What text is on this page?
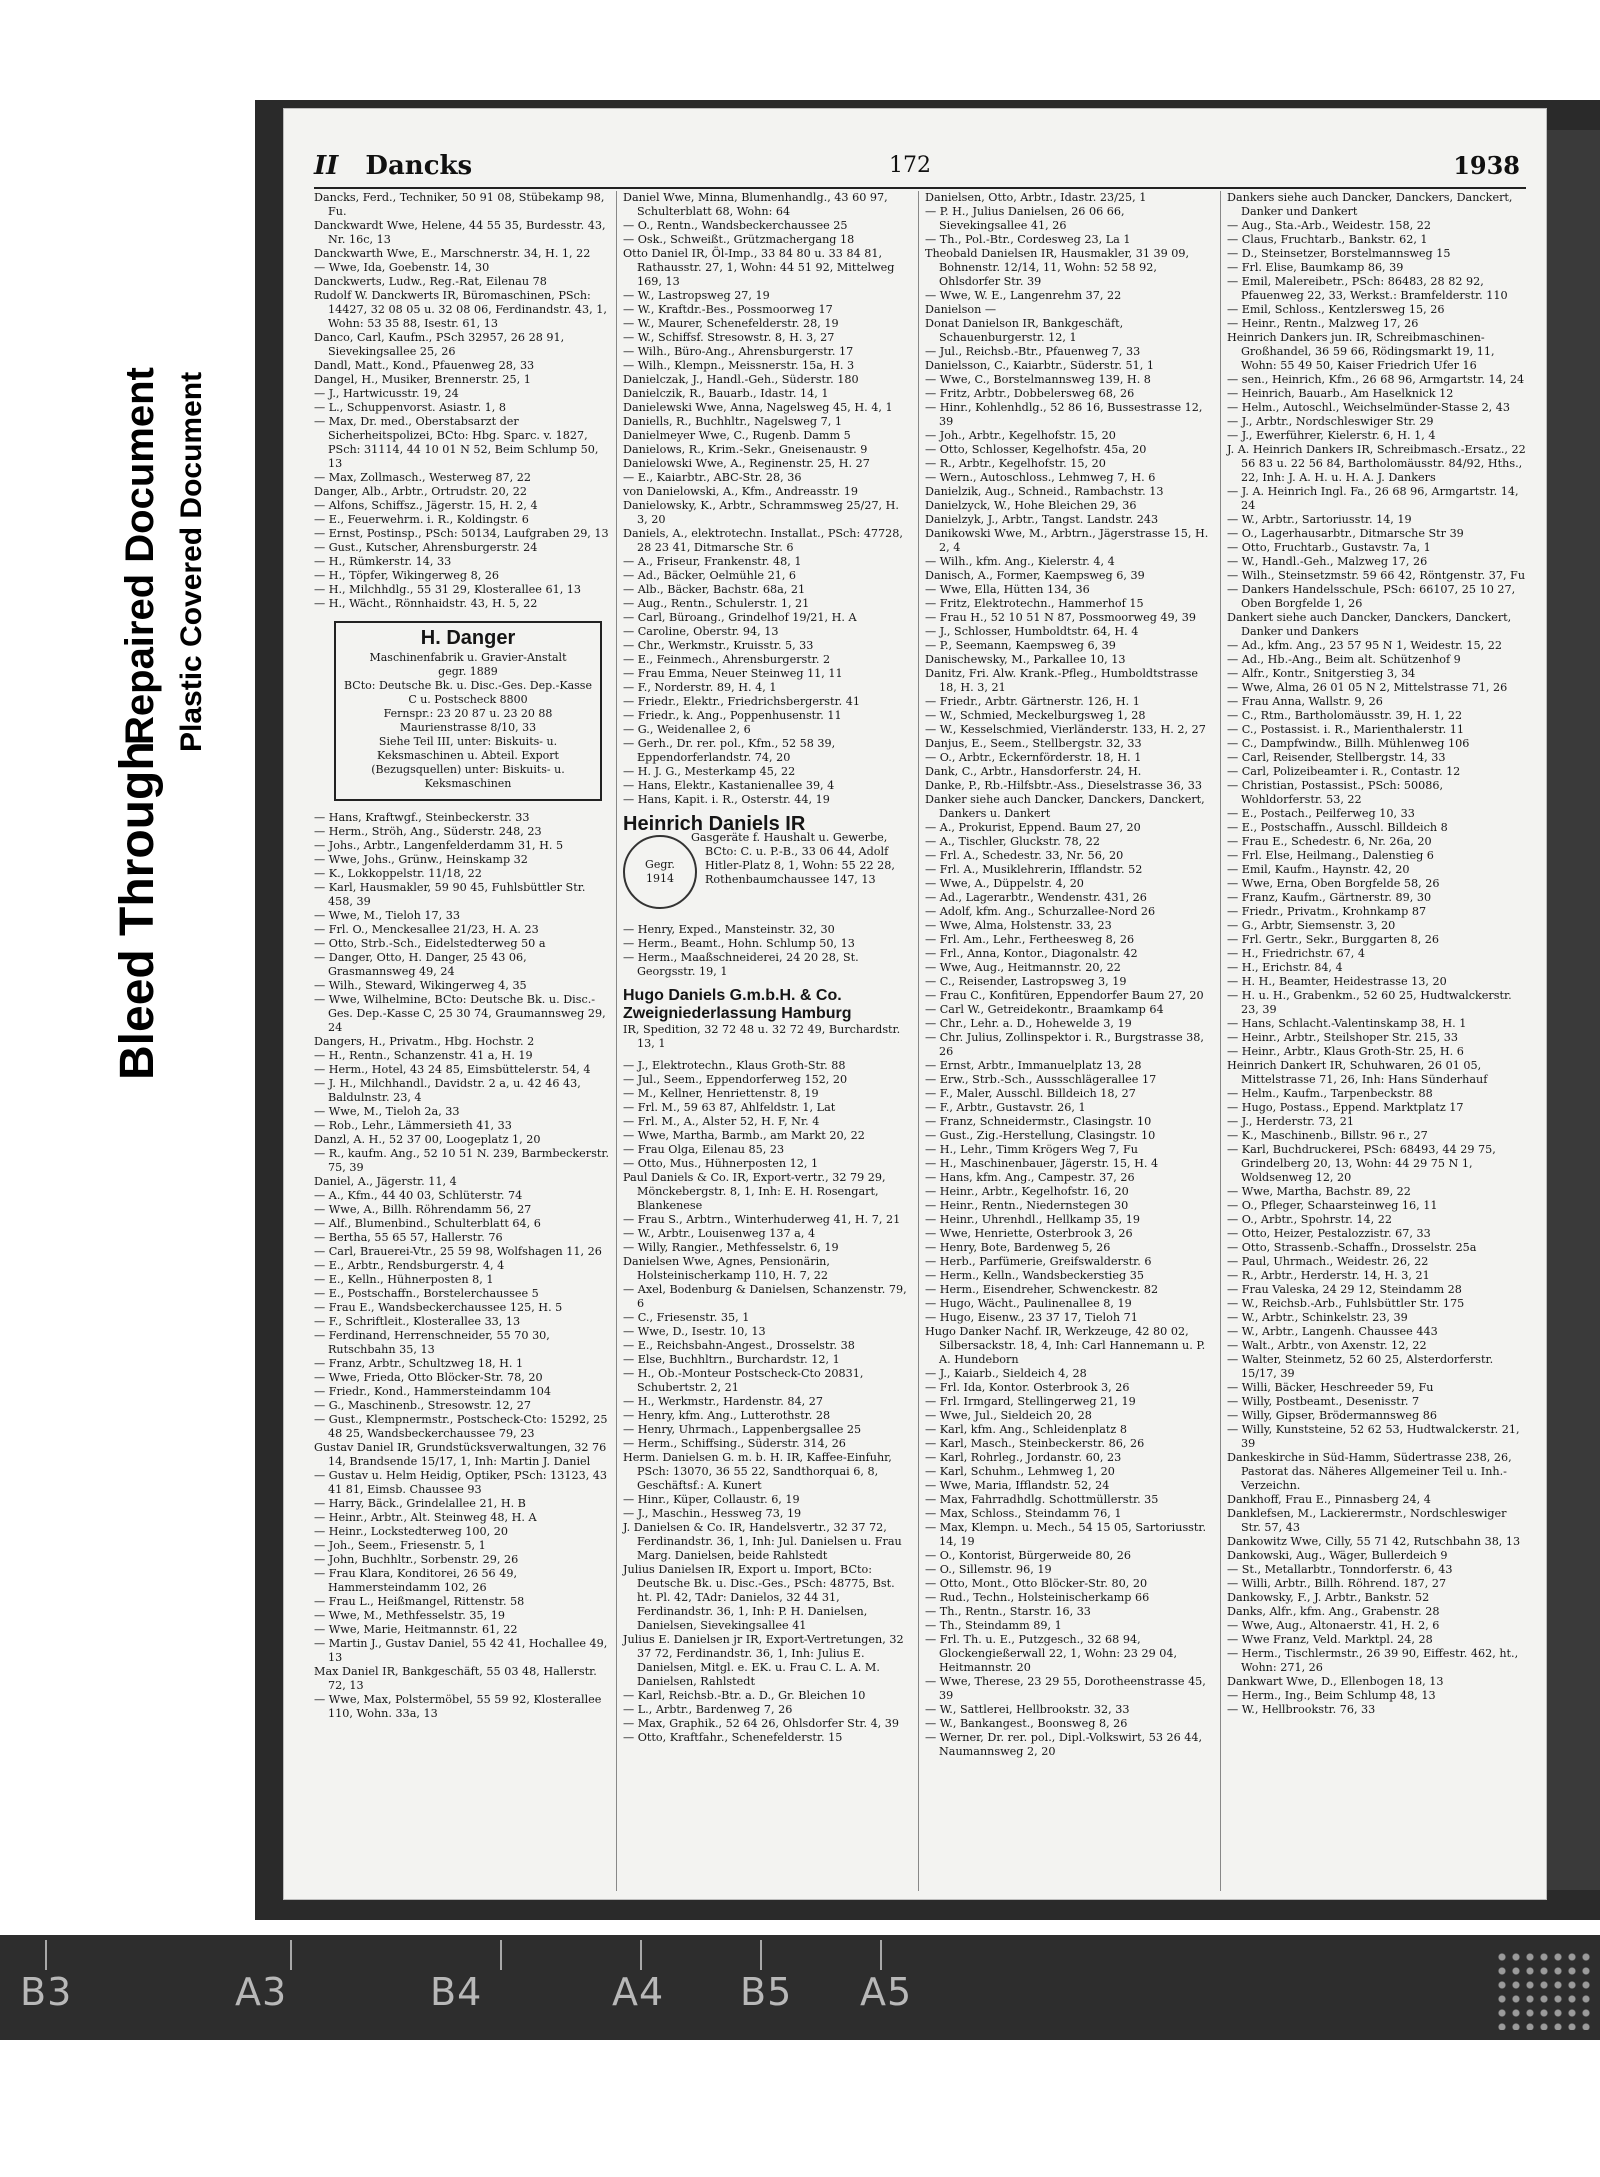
II Dancks	172	1938

Dancks, Ferd., Techniker, 50 91 08, Stübekamp 98, Fu.

Danckwardt Wwe, Helene, 44 55 35, Burdesstr. 43, Nr. 16c, 13

Danckwarth Wwe, E., Marschnerstr. 34, H. 1, 22

— Wwe, Ida, Goebenstr. 14, 30

Danckwerts, Ludw., Reg.-Rat, Eilenau 78

Rudolf W. Danckwerts IR, Büromaschinen, PSch: 14427, 32 08 05 u. 32 08 06, Ferdinandstr. 43, 1, Wohn: 53 35 88, Isestr. 61, 13

Danco, Carl, Kaufm., PSch 32957, 26 28 91, Sievekingsallee 25, 26

Dandl, Matt., Kond., Pfauenweg 28, 33

Dangel, H., Musiker, Brennerstr. 25, 1

— J., Hartwicusstr. 19, 24

— L., Schuppenvorst. Asiastr. 1, 8

— Max, Dr. med., Oberstabsarzt der Sicherheitspolizei, BCto: Hbg. Sparc. v. 1827, PSch: 31114, 44 10 01 N 52, Beim Schlump 50, 13

— Max, Zollmasch., Westerweg 87, 22

Danger, Alb., Arbtr., Ortrudstr. 20, 22

— Alfons, Schiffsz., Jägerstr. 15, H. 2, 4

— E., Feuerwehrm. i. R., Koldingstr. 6

— Ernst, Postinsp., PSch: 50134, Laufgraben 29, 13

— Gust., Kutscher, Ahrensburgerstr. 24

— H., Rümkerstr. 14, 33

— H., Töpfer, Wikingerweg 8, 26

— H., Milchhdlg., 55 31 29, Klosterallee 61, 13

— H., Wächt., Rönnhaidstr. 43, H. 5, 22

H. Danger
Maschinenfabrik u. Gravier-Anstalt
gegr. 1889
BCto: Deutsche Bk. u. Disc.-Ges. Dep.-Kasse C u. Postscheck 8800
Fernspr.: 23 20 87 u. 23 20 88
Maurienstrasse 8/10, 33
Siehe Teil III, unter: Biskuits- u. Keksmaschinen u. Abteil. Export (Bezugsquellen) unter: Biskuits- u. Keksmaschinen

— Hans, Kraftwgf., Steinbeckerstr. 33

— Herm., Ströh, Ang., Süderstr. 248, 23

— Johs., Arbtr., Langenfelderdamm 31, H. 5

— Wwe, Johs., Grünw., Heinskamp 32

— K., Lokkoppelstr. 11/18, 22

— Karl, Hausmakler, 59 90 45, Fuhlsbüttler Str. 458, 39

— Wwe, M., Tieloh 17, 33

— Frl. O., Menckesallee 21/23, H. A. 23

— Otto, Strb.-Sch., Eidelstedterweg 50 a

— Danger, Otto, H. Danger, 25 43 06, Grasmannsweg 49, 24

— Wilh., Steward, Wikingerweg 4, 35

— Wwe, Wilhelmine, BCto: Deutsche Bk. u. Disc.-Ges. Dep.-Kasse C, 25 30 74, Graumannsweg 29, 24

Dangers, H., Privatm., Hbg. Hochstr. 2

— H., Rentn., Schanzenstr. 41 a, H. 19

— Herm., Hotel, 43 24 85, Eimsbüttelerstr. 54, 4

— J. H., Milchhandl., Davidstr. 2 a, u. 42 46 43, Baldulnstr. 23, 4

— Wwe, M., Tieloh 2a, 33

— Rob., Lehr., Lämmersieth 41, 33

Danzl, A. H., 52 37 00, Loogeplatz 1, 20

— R., kaufm. Ang., 52 10 51 N. 239, Barmbeckerstr. 75, 39

Daniel, A., Jägerstr. 11, 4

— A., Kfm., 44 40 03, Schlüterstr. 74

— Wwe, A., Billh. Röhrendamm 56, 27

— Alf., Blumenbind., Schulterblatt 64, 6

— Bertha, 55 65 57, Hallerstr. 76

— Carl, Brauerei-Vtr., 25 59 98, Wolfshagen 11, 26

— E., Arbtr., Rendsburgerstr. 4, 4

— E., Kelln., Hühnerposten 8, 1

— E., Postschaffn., Borstelerchaussee 5

— Frau E., Wandsbeckerchaussee 125, H. 5

— F., Schriftleit., Klosterallee 33, 13

— Ferdinand, Herrenschneider, 55 70 30, Rutschbahn 35, 13

— Franz, Arbtr., Schultzweg 18, H. 1

— Wwe, Frieda, Otto Blöcker-Str. 78, 20

— Friedr., Kond., Hammersteindamm 104

— G., Maschinenb., Stresowstr. 12, 27

— Gust., Klempnermstr., Postscheck-Cto: 15292, 25 48 25, Wandsbeckerchaussee 79, 23

Gustav Daniel IR, Grundstücksverwaltungen, 32 76 14, Brandsende 15/17, 1, Inh: Martin J. Daniel

— Gustav u. Helm Heidig, Optiker, PSch: 13123, 43 41 81, Eimsb. Chaussee 93

— Harry, Bäck., Grindelallee 21, H. B

— Heinr., Arbtr., Alt. Steinweg 48, H. A

— Heinr., Lockstedterweg 100, 20

— Joh., Seem., Friesenstr. 5, 1

— John, Buchhltr., Sorbenstr. 29, 26

— Frau Klara, Konditorei, 26 56 49, Hammersteindamm 102, 26

— Frau L., Heißmangel, Rittenstr. 58

— Wwe, M., Methfesselstr. 35, 19

— Wwe, Marie, Heitmannstr. 61, 22

— Martin J., Gustav Daniel, 55 42 41, Hochallee 49, 13

Max Daniel IR, Bankgeschäft, 55 03 48, Hallerstr. 72, 13

— Wwe, Max, Polstermöbel, 55 59 92, Klosterallee 110, Wohn. 33a, 13

Daniel Wwe, Minna, Blumenhandlg., 43 60 97, Schulterblatt 68, Wohn: 64

— O., Rentn., Wandsbeckerchaussee 25

— Osk., Schweißt., Grützmachergang 18

Otto Daniel IR, Öl-Imp., 33 84 80 u. 33 84 81, Rathausstr. 27, 1, Wohn: 44 51 92, Mittelweg 169, 13

— W., Lastropsweg 27, 19

— W., Kraftdr.-Bes., Possmoorweg 17

— W., Maurer, Schenefelderstr. 28, 19

— W., Schiffsf. Stresowstr. 8, H. 3, 27

— Wilh., Büro-Ang., Ahrensburgerstr. 17

— Wilh., Klempn., Meissnerstr. 15a, H. 3

Danielczak, J., Handl.-Geh., Süderstr. 180

Danielczik, R., Bauarb., Idastr. 14, 1

Danielewski Wwe, Anna, Nagelsweg 45, H. 4, 1

Daniells, R., Buchhltr., Nagelsweg 7, 1

Danielmeyer Wwe, C., Rugenb. Damm 5

Danielows, R., Krim.-Sekr., Gneisenaustr. 9

Danielowski Wwe, A., Reginenstr. 25, H. 27

— E., Kaiarbtr., ABC-Str. 28, 36

von Danielowski, A., Kfm., Andreasstr. 19

Danielowsky, K., Arbtr., Schrammsweg 25/27, H. 3, 20

Daniels, A., elektrotechn. Installat., PSch: 47728, 28 23 41, Ditmarsche Str. 6

— A., Friseur, Frankenstr. 48, 1

— Ad., Bäcker, Oelmühle 21, 6

— Alb., Bäcker, Bachstr. 68a, 21

— Aug., Rentn., Schulerstr. 1, 21

— Carl, Büroang., Grindelhof 19/21, H. A

— Caroline, Oberstr. 94, 13

— Chr., Werkmstr., Kruisstr. 5, 33

— E., Feinmech., Ahrensburgerstr. 2

— Frau Emma, Neuer Steinweg 11, 11

— F., Norderstr. 89, H. 4, 1

— Friedr., Elektr., Friedrichsbergerstr. 41

— Friedr., k. Ang., Poppenhusenstr. 11

— G., Weidenallee 2, 6

— Gerh., Dr. rer. pol., Kfm., 52 58 39, Eppendorferlandstr. 74, 20

— H. J. G., Mesterkamp 45, 22

— Hans, Elektr., Kastanienallee 39, 4

— Hans, Kapit. i. R., Osterstr. 44, 19

Heinrich Daniels IR
Gegr.
1914
Gasgeräte f. Haushalt u. Gewerbe, BCto: C. u. P.-B., 33 06 44, Adolf Hitler-Platz 8, 1, Wohn: 55 22 28, Rothenbaumchaussee 147, 13

— Henry, Exped., Mansteinstr. 32, 30

— Herm., Beamt., Hohn. Schlump 50, 13

— Herm., Maaßschneiderei, 24 20 28, St. Georgsstr. 19, 1

Hugo Daniels G.m.b.H. & Co. Zweigniederlassung Hamburg
IR, Spedition, 32 72 48 u. 32 72 49, Burchardstr. 13, 1

— J., Elektrotechn., Klaus Groth-Str. 88

— Jul., Seem., Eppendorferweg 152, 20

— M., Kellner, Henriettenstr. 8, 19

— Frl. M., 59 63 87, Ahlfeldstr. 1, Lat

— Frl. M., A., Alster 52, H. F, Nr. 4

— Wwe, Martha, Barmb., am Markt 20, 22

— Frau Olga, Eilenau 85, 23

— Otto, Mus., Hühnerposten 12, 1

Paul Daniels & Co. IR, Export-vertr., 32 79 29, Mönckebergstr. 8, 1, Inh: E. H. Rosengart, Blankenese

— Frau S., Arbtrn., Winterhuderweg 41, H. 7, 21

— W., Arbtr., Louisenweg 137 a, 4

— Willy, Rangier., Methfesselstr. 6, 19

Danielsen Wwe, Agnes, Pensionärin, Holsteinischerkamp 110, H. 7, 22

— Axel, Bodenburg & Danielsen, Schanzenstr. 79, 6

— C., Friesenstr. 35, 1

— Wwe, D., Isestr. 10, 13

— E., Reichsbahn-Angest., Drosselstr. 38

— Else, Buchhltrn., Burchardstr. 12, 1

— H., Ob.-Monteur Postscheck-Cto 20831, Schubertstr. 2, 21

— H., Werkmstr., Hardenstr. 84, 27

— Henry, kfm. Ang., Lutterothstr. 28

— Henry, Uhrmach., Lappenbergsallee 25

— Herm., Schiffsing., Süderstr. 314, 26

Herm. Danielsen G. m. b. H. IR, Kaffee-Einfuhr, PSch: 13070, 36 55 22, Sandthorquai 6, 8, Geschäftsf.: A. Kunert

— Hinr., Küper, Collaustr. 6, 19

— J., Maschin., Hessweg 73, 19

J. Danielsen & Co. IR, Handelsvertr., 32 37 72, Ferdinandstr. 36, 1, Inh: Jul. Danielsen u. Frau Marg. Danielsen, beide Rahlstedt

Julius Danielsen IR, Export u. Import, BCto: Deutsche Bk. u. Disc.-Ges., PSch: 48775, Bst. ht. Pl. 42, TAdr: Danielos, 32 44 31, Ferdinandstr. 36, 1, Inh: P. H. Danielsen, Danielsen, Sievekingsallee 41

Julius E. Danielsen jr IR, Export-Vertretungen, 32 37 72, Ferdinandstr. 36, 1, Inh: Julius E. Danielsen, Mitgl. e. EK. u. Frau C. L. A. M. Danielsen, Rahlstedt

— Karl, Reichsb.-Btr. a. D., Gr. Bleichen 10

— L., Arbtr., Bardenweg 7, 26

— Max, Graphik., 52 64 26, Ohlsdorfer Str. 4, 39

— Otto, Kraftfahr., Schenefelderstr. 15

Danielsen, Otto, Arbtr., Idastr. 23/25, 1

— P. H., Julius Danielsen, 26 06 66, Sievekingsallee 41, 26

— Th., Pol.-Btr., Cordesweg 23, La 1

Theobald Danielsen IR, Hausmakler, 31 39 09, Bohnenstr. 12/14, 11, Wohn: 52 58 92, Ohlsdorfer Str. 39

— Wwe, W. E., Langenrehm 37, 22

Danielson —

Donat Danielson IR, Bankgeschäft, Schauenburgerstr. 12, 1

— Jul., Reichsb.-Btr., Pfauenweg 7, 33

Danielsson, C., Kaiarbtr., Süderstr. 51, 1

— Wwe, C., Borstelmannsweg 139, H. 8

— Fritz, Arbtr., Dobbelersweg 68, 26

— Hinr., Kohlenhdlg., 52 86 16, Bussestrasse 12, 39

— Joh., Arbtr., Kegelhofstr. 15, 20

— Otto, Schlosser, Kegelhofstr. 45a, 20

— R., Arbtr., Kegelhofstr. 15, 20

— Wern., Autoschloss., Lehmweg 7, H. 6

Danielzik, Aug., Schneid., Rambachstr. 13

Danielzyck, W., Hohe Bleichen 29, 36

Danielzyk, J., Arbtr., Tangst. Landstr. 243

Danikowski Wwe, M., Arbtrn., Jägerstrasse 15, H. 2, 4

— Wilh., kfm. Ang., Kielerstr. 4, 4

Danisch, A., Former, Kaempsweg 6, 39

— Wwe, Ella, Hütten 134, 36

— Fritz, Elektrotechn., Hammerhof 15

— Frau H., 52 10 51 N 87, Possmoorweg 49, 39

— J., Schlosser, Humboldtstr. 64, H. 4

— P., Seemann, Kaempsweg 6, 39

Danischewsky, M., Parkallee 10, 13

Danitz, Fri. Alw. Krank.-Pfleg., Humboldtstrasse 18, H. 3, 21

— Friedr., Arbtr. Gärtnerstr. 126, H. 1

— W., Schmied, Meckelburgsweg 1, 28

— W., Kesselschmied, Vierländerstr. 133, H. 2, 27

Danjus, E., Seem., Stellbergstr. 32, 33

— O., Arbtr., Eckernförderstr. 18, H. 1

Dank, C., Arbtr., Hansdorferstr. 24, H.

Danke, P., Rb.-Hilfsbtr.-Ass., Dieselstrasse 36, 33

Danker siehe auch Dancker, Danckers, Danckert, Dankers u. Dankert

— A., Prokurist, Eppend. Baum 27, 20

— A., Tischler, Gluckstr. 78, 22

— Frl. A., Schedestr. 33, Nr. 56, 20

— Frl. A., Musiklehrerin, Ifflandstr. 52

— Wwe, A., Düppelstr. 4, 20

— Ad., Lagerarbtr., Wendenstr. 431, 26

— Adolf, kfm. Ang., Schurzallee-Nord 26

— Wwe, Alma, Holstenstr. 33, 23

— Frl. Am., Lehr., Fertheesweg 8, 26

— Frl., Anna, Kontor., Diagonalstr. 42

— Wwe, Aug., Heitmannstr. 20, 22

— C., Reisender, Lastropsweg 3, 19

— Frau C., Konfitüren, Eppendorfer Baum 27, 20

— Carl W., Getreidekontr., Braamkamp 64

— Chr., Lehr. a. D., Hohewelde 3, 19

— Chr. Julius, Zollinspektor i. R., Burgstrasse 38, 26

— Ernst, Arbtr., Immanuelplatz 13, 28

— Erw., Strb.-Sch., Aussschlägerallee 17

— F., Maler, Ausschl. Billdeich 18, 27

— F., Arbtr., Gustavstr. 26, 1

— Franz, Schneidermstr., Clasingstr. 10

— Gust., Zig.-Herstellung, Clasingstr. 10

— H., Lehr., Timm Krögers Weg 7, Fu

— H., Maschinenbauer, Jägerstr. 15, H. 4

— Hans, kfm. Ang., Campestr. 37, 26

— Heinr., Arbtr., Kegelhofstr. 16, 20

— Heinr., Rentn., Niedernstegen 30

— Heinr., Uhrenhdl., Hellkamp 35, 19

— Wwe, Henriette, Osterbrook 3, 26

— Henry, Bote, Bardenweg 5, 26

— Herb., Parfümerie, Greifswalderstr. 6

— Herm., Kelln., Wandsbeckerstieg 35

— Herm., Eisendreher, Schwenckestr. 82

— Hugo, Wächt., Paulinenallee 8, 19

— Hugo, Eisenw., 23 37 17, Tieloh 71

Hugo Danker Nachf. IR, Werkzeuge, 42 80 02, Silbersackstr. 18, 4, Inh: Carl Hannemann u. P. A. Hundeborn

— J., Kaiarb., Sieldeich 4, 28

— Frl. Ida, Kontor. Osterbrook 3, 26

— Frl. Irmgard, Stellingerweg 21, 19

— Wwe, Jul., Sieldeich 20, 28

— Karl, kfm. Ang., Schleidenplatz 8

— Karl, Masch., Steinbeckerstr. 86, 26

— Karl, Rohrleg., Jordanstr. 60, 23

— Karl, Schuhm., Lehmweg 1, 20

— Wwe, Maria, Ifflandstr. 52, 24

— Max, Fahrradhdlg. Schottmüllerstr. 35

— Max, Schloss., Steindamm 76, 1

— Max, Klempn. u. Mech., 54 15 05, Sartoriusstr. 14, 19

— O., Kontorist, Bürgerweide 80, 26

— O., Sillemstr. 96, 19

— Otto, Mont., Otto Blöcker-Str. 80, 20

— Rud., Techn., Holsteinischerkamp 66

— Th., Rentn., Starstr. 16, 33

— Th., Steindamm 89, 1

— Frl. Th. u. E., Putzgesch., 32 68 94, Glockengießerwall 22, 1, Wohn: 23 29 04, Heitmannstr. 20

— Wwe, Therese, 23 29 55, Dorotheenstrasse 45, 39

— W., Sattlerei, Hellbrookstr. 32, 33

— W., Bankangest., Boonsweg 8, 26

— Werner, Dr. rer. pol., Dipl.-Volkswirt, 53 26 44, Naumannsweg 2, 20

Dankers siehe auch Dancker, Danckers, Danckert, Danker und Dankert

— Aug., Sta.-Arb., Weidestr. 158, 22

— Claus, Fruchtarb., Bankstr. 62, 1

— D., Steinsetzer, Borstelmannsweg 15

— Frl. Elise, Baumkamp 86, 39

— Emil, Malereibetr., PSch: 86483, 28 82 92, Pfauenweg 22, 33, Werkst.: Bramfelderstr. 110

— Emil, Schloss., Kentzlersweg 15, 26

— Heinr., Rentn., Malzweg 17, 26

Heinrich Dankers jun. IR, Schreibmaschinen-Großhandel, 36 59 66, Rödingsmarkt 19, 11, Wohn: 55 49 50, Kaiser Friedrich Ufer 16

— sen., Heinrich, Kfm., 26 68 96, Armgartstr. 14, 24

— Heinrich, Bauarb., Am Haselknick 12

— Helm., Autoschl., Weichselmünder-Stasse 2, 43

— J., Arbtr., Nordschleswiger Str. 29

— J., Ewerführer, Kielerstr. 6, H. 1, 4

J. A. Heinrich Dankers IR, Schreibmasch.-Ersatz., 22 56 83 u. 22 56 84, Bartholomäusstr. 84/92, Hths., 22, Inh: J. A. H. u. H. A. J. Dankers

— J. A. Heinrich Ingl. Fa., 26 68 96, Armgartstr. 14, 24

— W., Arbtr., Sartoriusstr. 14, 19

— O., Lagerhausarbtr., Ditmarsche Str 39

— Otto, Fruchtarb., Gustavstr. 7a, 1

— W., Handl.-Geh., Malzweg 17, 26

— Wilh., Steinsetzmstr. 59 66 42, Röntgenstr. 37, Fu

— Dankers Handelsschule, PSch: 66107, 25 10 27, Oben Borgfelde 1, 26

Dankert siehe auch Dancker, Danckers, Danckert, Danker und Dankers

— Ad., kfm. Ang., 23 57 95 N 1, Weidestr. 15, 22

— Ad., Hb.-Ang., Beim alt. Schützenhof 9

— Alfr., Kontr., Snitgerstieg 3, 34

— Wwe, Alma, 26 01 05 N 2, Mittelstrasse 71, 26

— Frau Anna, Wallstr. 9, 26

— C., Rtm., Bartholomäusstr. 39, H. 1, 22

— C., Postassist. i. R., Marienthalerstr. 11

— C., Dampfwindw., Billh. Mühlenweg 106

— Carl, Reisender, Stellbergstr. 14, 33

— Carl, Polizeibeamter i. R., Contastr. 12

— Christian, Postassist., PSch: 50086, Wohldorferstr. 53, 22

— E., Postach., Peilferweg 10, 33

— E., Postschaffn., Ausschl. Billdeich 8

— Frau E., Schedestr. 6, Nr. 26a, 20

— Frl. Else, Heilmang., Dalenstieg 6

— Emil, Kaufm., Haynstr. 42, 20

— Wwe, Erna, Oben Borgfelde 58, 26

— Franz, Kaufm., Gärtnerstr. 89, 30

— Friedr., Privatm., Krohnkamp 87

— G., Arbtr, Siemsenstr. 3, 20

— Frl. Gertr., Sekr., Burggarten 8, 26

— H., Friedrichstr. 67, 4

— H., Erichstr. 84, 4

— H. H., Beamter, Heidestrasse 13, 20

— H. u. H., Grabenkm., 52 60 25, Hudtwalckerstr. 23, 39

— Hans, Schlacht.-Valentinskamp 38, H. 1

— Heinr., Arbtr., Steilshoper Str. 215, 33

— Heinr., Arbtr., Klaus Groth-Str. 25, H. 6

Heinrich Dankert IR, Schuhwaren, 26 01 05, Mittelstrasse 71, 26, Inh: Hans Sünderhauf

— Helm., Kaufm., Tarpenbeckstr. 88

— Hugo, Postass., Eppend. Marktplatz 17

— J., Herderstr. 73, 21

— K., Maschinenb., Billstr. 96 r., 27

— Karl, Buchdruckerei, PSch: 68493, 44 29 75, Grindelberg 20, 13, Wohn: 44 29 75 N 1, Woldsenweg 12, 20

— Wwe, Martha, Bachstr. 89, 22

— O., Pfleger, Schaarsteinweg 16, 11

— O., Arbtr., Spohrstr. 14, 22

— Otto, Heizer, Pestalozzistr. 67, 33

— Otto, Strassenb.-Schaffn., Drosselstr. 25a

— Paul, Uhrmach., Weidestr. 26, 22

— R., Arbtr., Herderstr. 14, H. 3, 21

— Frau Valeska, 24 29 12, Steindamm 28

— W., Reichsb.-Arb., Fuhlsbüttler Str. 175

— W., Arbtr., Schinkelstr. 23, 39

— W., Arbtr., Langenh. Chaussee 443

— Walt., Arbtr., von Axenstr. 12, 22

— Walter, Steinmetz, 52 60 25, Alsterdorferstr. 15/17, 39

— Willi, Bäcker, Heschreeder 59, Fu

— Willy, Postbeamt., Desenisstr. 7

— Willy, Gipser, Brödermannsweg 86

— Willy, Kunststeine, 52 62 53, Hudtwalckerstr. 21, 39

Dankeskirche in Süd-Hamm, Südertrasse 238, 26, Pastorat das. Näheres Allgemeiner Teil u. Inh.-Verzeichn.

Dankhoff, Frau E., Pinnasberg 24, 4

Danklefsen, M., Lackierermstr., Nordschleswiger Str. 57, 43

Dankowitz Wwe, Cilly, 55 71 42, Rutschbahn 38, 13

Dankowski, Aug., Wäger, Bullerdeich 9

— St., Metallarbtr., Tonndorferstr. 6, 43

— Willi, Arbtr., Billh. Röhrend. 187, 27

Dankowsky, F., J. Arbtr., Bankstr. 52

Danks, Alfr., kfm. Ang., Grabenstr. 28

— Wwe, Aug., Altonaerstr. 41, H. 2, 6

— Wwe Franz, Veld. Marktpl. 24, 28

— Herm., Tischlermstr., 26 39 90, Eiffestr. 462, ht., Wohn: 271, 26

Dankwart Wwe, D., Ellenbogen 18, 13

— Herm., Ing., Beim Schlump 48, 13

— W., Hellbrookstr. 76, 33

Bleed Through
Repaired Document Plastic Covered Document
B3	A3	B4	A4 B5 A5
